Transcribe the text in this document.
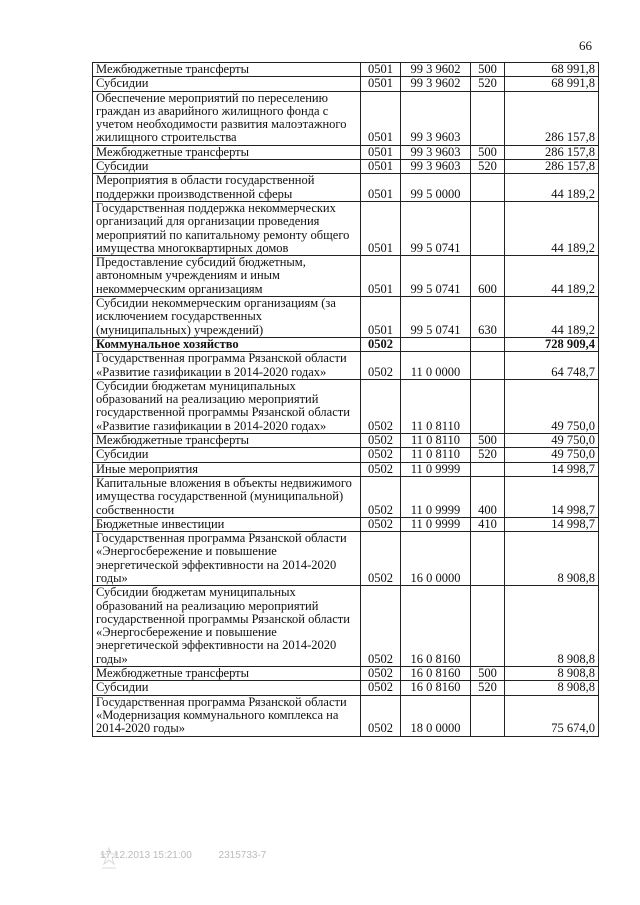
66
Межбюджетные трансферты	0501	99 3 9602	500	68 991,8
Субсидии	0501	99 3 9602	520	68 991,8
Обеспечение мероприятий по переселению граждан из аварийного жилищного фонда с учетом необходимости развития малоэтажного жилищного строительства	0501	99 3 9603		286 157,8
Межбюджетные трансферты	0501	99 3 9603	500	286 157,8
Субсидии	0501	99 3 9603	520	286 157,8
Мероприятия в области государственной поддержки производственной сферы	0501	99 5 0000		44 189,2
Государственная поддержка некоммерческих организаций для организации проведения мероприятий по капитальному ремонту общего имущества многоквартирных домов	0501	99 5 0741		44 189,2
Предоставление субсидий бюджетным, автономным учреждениям и иным некоммерческим организациям	0501	99 5 0741	600	44 189,2
Субсидии некоммерческим организациям (за исключением государственных (муниципальных) учреждений)	0501	99 5 0741	630	44 189,2
Коммунальное хозяйство	0502			728 909,4
Государственная программа Рязанской области «Развитие газификации в 2014-2020 годах»	0502	11 0 0000		64 748,7
Субсидии бюджетам муниципальных образований на реализацию мероприятий государственной программы Рязанской области «Развитие газификации в 2014-2020 годах»	0502	11 0 8110		49 750,0
Межбюджетные трансферты	0502	11 0 8110	500	49 750,0
Субсидии	0502	11 0 8110	520	49 750,0
Иные мероприятия	0502	11 0 9999		14 998,7
Капитальные вложения в объекты недвижимого имущества государственной (муниципальной) собственности	0502	11 0 9999	400	14 998,7
Бюджетные инвестиции	0502	11 0 9999	410	14 998,7
Государственная программа Рязанской области «Энергосбережение и повышение энергетической эффективности на 2014-2020 годы»	0502	16 0 0000		8 908,8
Субсидии бюджетам муниципальных образований на реализацию мероприятий государственной программы Рязанской области «Энергосбережение и повышение энергетической эффективности на 2014-2020 годы»	0502	16 0 8160		8 908,8
Межбюджетные трансферты	0502	16 0 8160	500	8 908,8
Субсидии	0502	16 0 8160	520	8 908,8
Государственная программа Рязанской области «Модернизация коммунального комплекса на 2014-2020 годы»	0502	18 0 0000		75 674,0
17.12.2013 15:21:00	2315733-7
